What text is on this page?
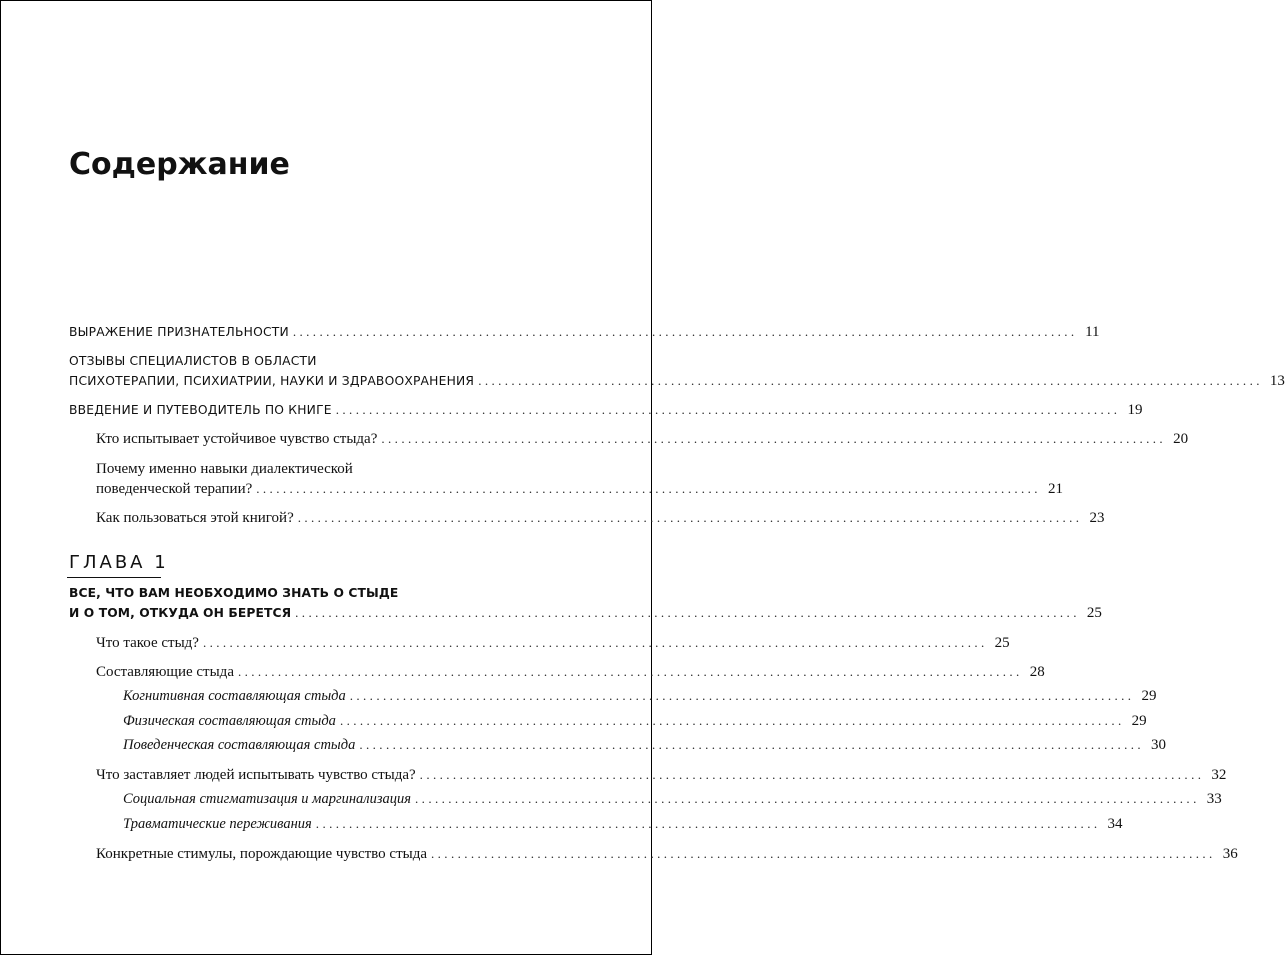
Содержание
ВЫРАЖЕНИЕ ПРИЗНАТЕЛЬНОСТИ ...................................................................................................................... 11
ОТЗЫВЫ СПЕЦИАЛИСТОВ В ОБЛАСТИ
ПСИХОТЕРАПИИ, ПСИХИАТРИИ, НАУКИ И ЗДРАВООХРАНЕНИЯ ...................................................................................................................... 13
ВВЕДЕНИЕ И ПУТЕВОДИТЕЛЬ ПО КНИГЕ ...................................................................................................................... 19
Кто испытывает устойчивое чувство стыда? ...................................................................................................................... 20
Почему именно навыки диалектической
поведенческой терапии? ...................................................................................................................... 21
Как пользоваться этой книгой? ...................................................................................................................... 23
ГЛАВА 1
ВСЕ, ЧТО ВАМ НЕОБХОДИМО ЗНАТЬ О СТЫДЕ
И О ТОМ, ОТКУДА ОН БЕРЕТСЯ ...................................................................................................................... 25
Что такое стыд? ...................................................................................................................... 25
Составляющие стыда ...................................................................................................................... 28
Когнитивная составляющая стыда ...................................................................................................................... 29
Физическая составляющая стыда ...................................................................................................................... 29
Поведенческая составляющая стыда ...................................................................................................................... 30
Что заставляет людей испытывать чувство стыда? ...................................................................................................................... 32
Социальная стигматизация и маргинализация ...................................................................................................................... 33
Травматические переживания ...................................................................................................................... 34
Конкретные стимулы, порождающие чувство стыда ...................................................................................................................... 36
